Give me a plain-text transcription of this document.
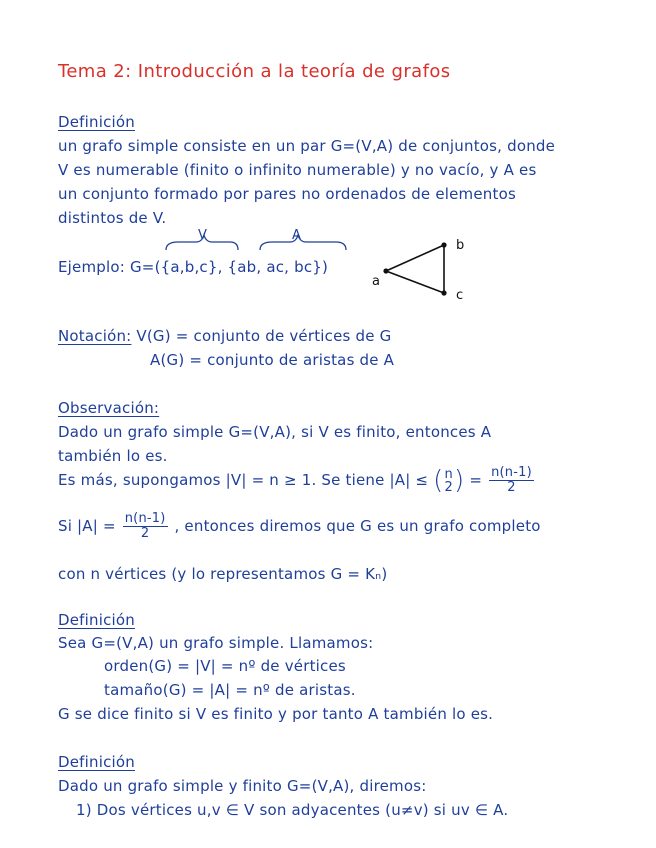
Tema 2: Introducción a la teoría de grafos
Definición
un grafo simple consiste en un par G=(V,A) de conjuntos, donde
V es numerable (finito o infinito numerable) y no vacío, y A es
un conjunto formado por pares no ordenados de elementos
distintos de V.
Ejemplo: G=({a,b,c}, {ab, ac, bc})
V	A
a
b
c
Notación: V(G) = conjunto de vértices de G
A(G) = conjunto de aristas de A
Observación:
Dado un grafo simple G=(V,A), si V es finito, entonces A
también lo es.
Es más, supongamos |V| = n ≥ 1. Se tiene |A| ≤ ( n
2 ) = $\frac{n(n-1)}{2}$
Si $|A| = \frac{n(n-1)}{2}$ , entonces diremos que G es un grafo completo
con n vértices (y lo representamos G = Kₙ)
Definición
Sea G=(V,A) un grafo simple. Llamamos:
orden(G) = |V| = nº de vértices
tamaño(G) = |A| = nº de aristas.
G se dice finito si V es finito y por tanto A también lo es.
Definición
Dado un grafo simple y finito G=(V,A), diremos:
1) Dos vértices u,v ∈ V son adyacentes (u≠v) si uv ∈ A.
